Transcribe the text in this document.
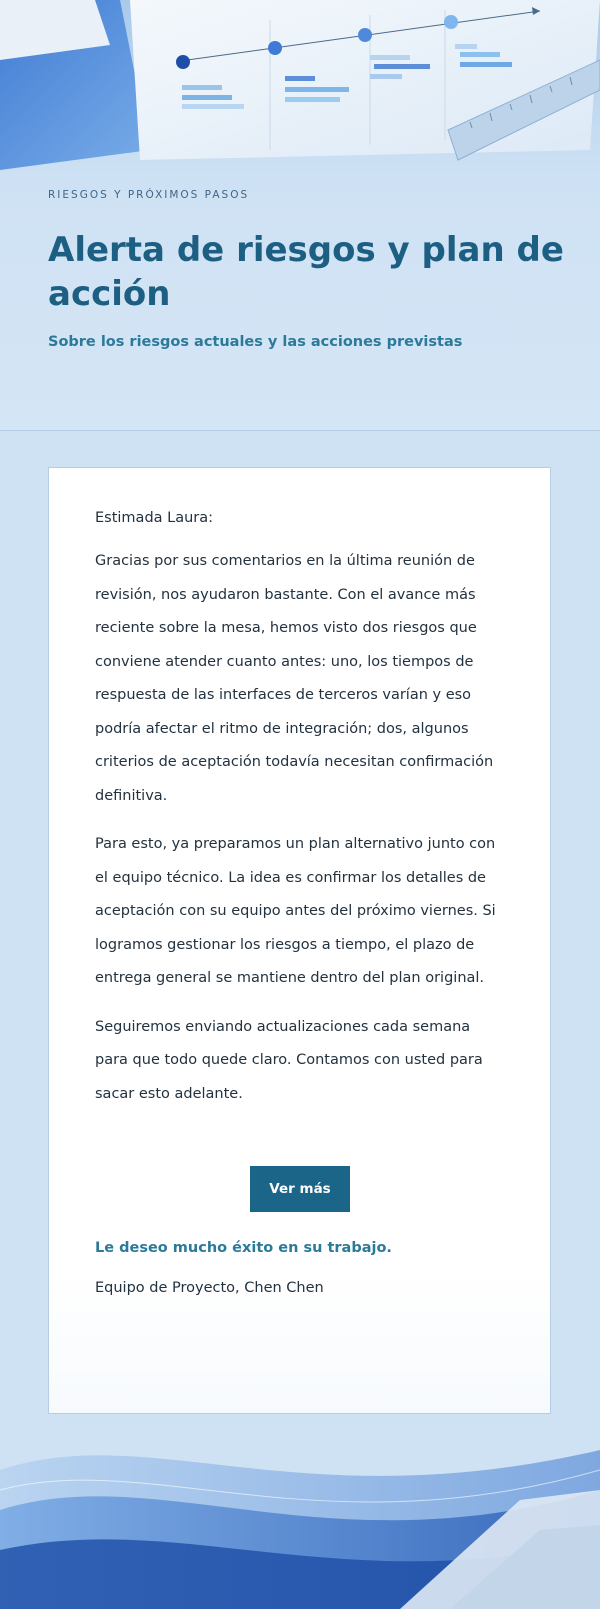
RIESGOS Y PRÓXIMOS PASOS
Alerta de riesgos y plan de acción

Sobre los riesgos actuales y las acciones previstas

Estimada Laura:

Gracias por sus comentarios en la última reunión de revisión, nos ayudaron bastante. Con el avance más reciente sobre la mesa, hemos visto dos riesgos que conviene atender cuanto antes: uno, los tiempos de respuesta de las interfaces de terceros varían y eso podría afectar el ritmo de integración; dos, algunos criterios de aceptación todavía necesitan confirmación definitiva.

Para esto, ya preparamos un plan alternativo junto con el equipo técnico. La idea es confirmar los detalles de aceptación con su equipo antes del próximo viernes. Si logramos gestionar los riesgos a tiempo, el plazo de entrega general se mantiene dentro del plan original.

Seguiremos enviando actualizaciones cada semana para que todo quede claro. Contamos con usted para sacar esto adelante.

Ver más

Le deseo mucho éxito en su trabajo.

Equipo de Proyecto, Chen Chen
